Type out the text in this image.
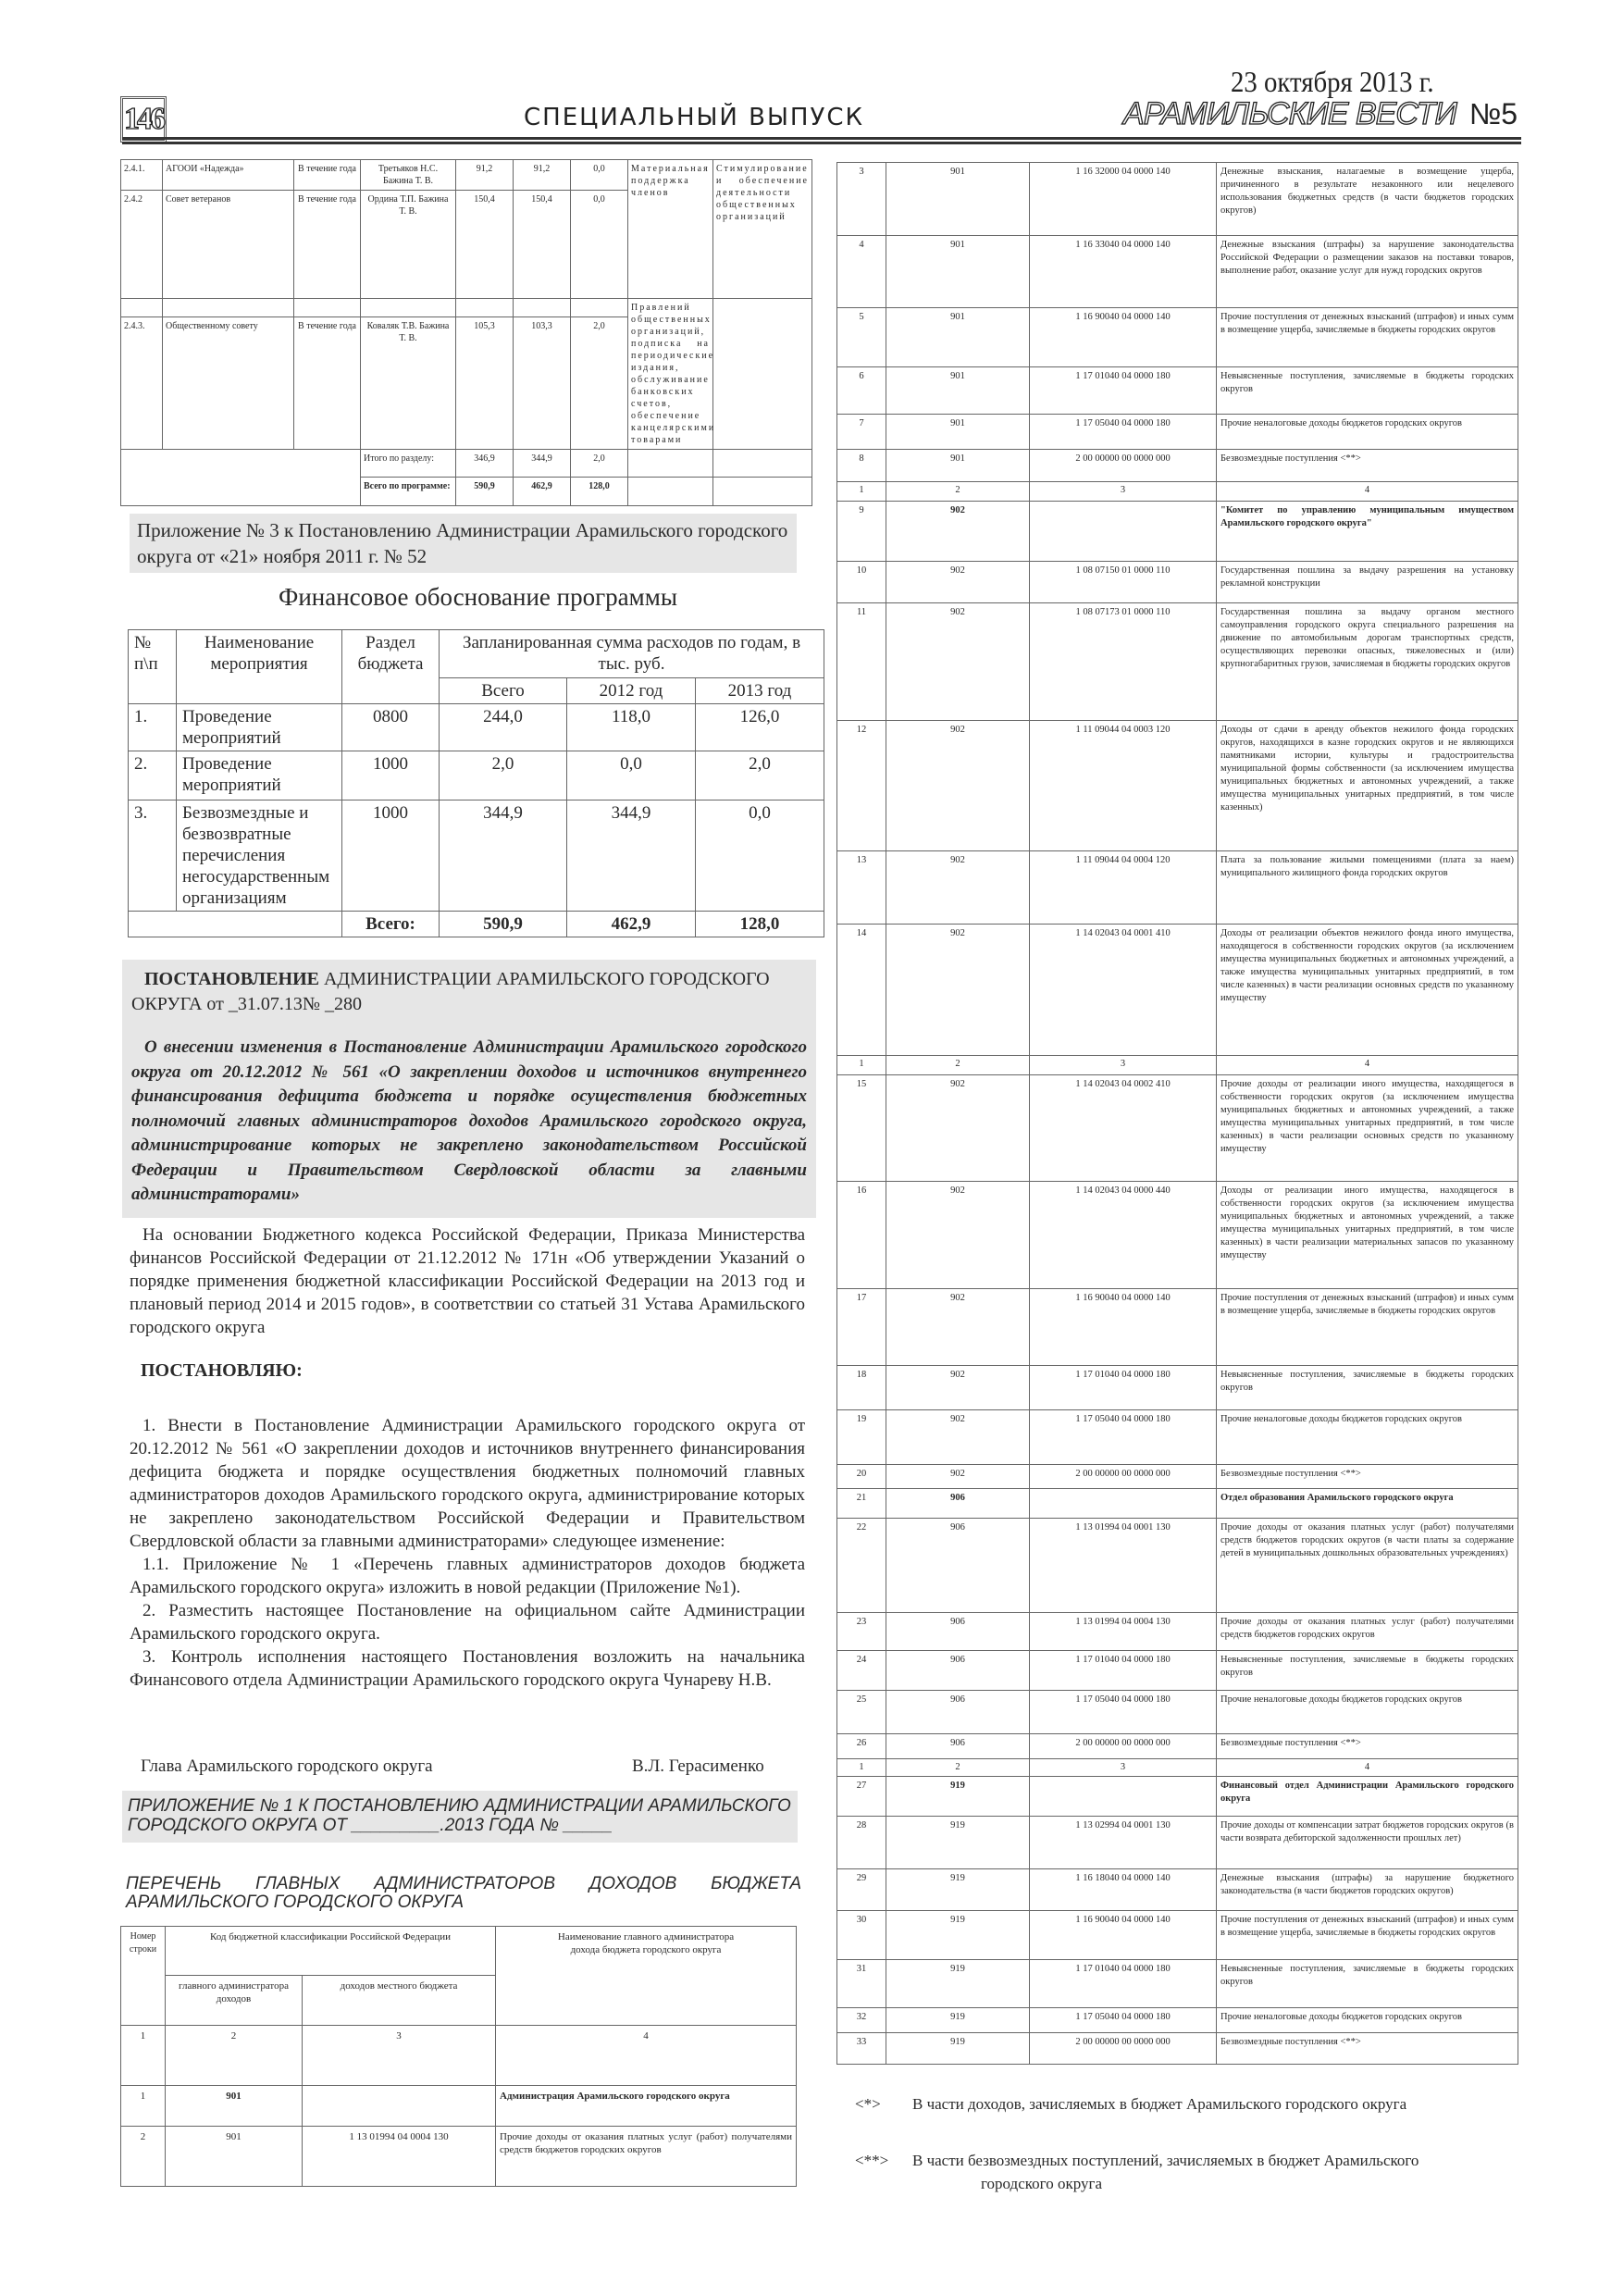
146	СПЕЦИАЛЬНЫЙ ВЫПУСК
23 октября 2013 г.
АРАМИЛЬСКИЕ ВЕСТИ №5
2.4.1.	АГООИ «Надежда»	В течение года	Третьяков Н.С. Бажина Т. В.	91,2	91,2	0,0	Материальная поддержка членов	Стимулирование и обеспечение деятельности общественных организаций
2.4.2	Совет ветеранов	В течение года	Ордина Т.П. Бажина Т. В.	150,4	150,4	0,0		
							Правлений общественных организаций, подписка на периодические издания, обслуживание банковских счетов, обеспечение канцелярскими товарами	
2.4.3.	Общественному совету	В течение года	Коваляк Т.В. Бажина Т. В.	105,3	103,3	2,0		
			Итого по разделу:	346,9	344,9	2,0		
			Всего по программе:	590,9	462,9	128,0		
Приложение № 3 к Постановлению Администрации Арамильского городского округа от «21» ноября 2011 г. № 52
Финансовое обоснование программы
№ п\п	Наименование мероприятия	Раздел бюджета	Запланированная сумма расходов по годам, в тыс. руб.		
			Всего	2012 год	2013 год
1.	Проведение мероприятий	0800	244,0	118,0	126,0
2.	Проведение мероприятий	1000	2,0	0,0	2,0
3.	Безвозмездные и безвозвратные перечисления негосударственным организациям	1000	344,9	344,9	0,0
		Всего:	590,9	462,9	128,0
ПОСТАНОВЛЕНИЕ АДМИНИСТРАЦИИ АРАМИЛЬСКОГО ГОРОДСКОГО ОКРУГА от _31.07.13№ _280
О внесении изменения в Постановление Администрации Арамильского городского округа от 20.12.2012 № 561 «О закреплении доходов и источников внутреннего финансирования дефицита бюджета и порядке осуществления бюджетных полномочий главных администраторов доходов Арамильского городского округа, администрирование которых не закреплено законодательством Российской Федерации и Правительством Свердловской области за главными администраторами»

На основании Бюджетного кодекса Российской Федерации, Приказа Министерства финансов Российской Федерации от 21.12.2012 № 171н «Об утверждении Указаний о порядке применения бюджетной классификации Российской Федерации на 2013 год и плановый период 2014 и 2015 годов», в соответствии со статьей 31 Устава Арамильского городского округа

ПОСТАНОВЛЯЮ:

1. Внести в Постановление Администрации Арамильского городского округа от 20.12.2012 № 561 «О закреплении доходов и источников внутреннего финансирования дефицита бюджета и порядке осуществления бюджетных полномочий главных администраторов доходов Арамильского городского округа, администрирование которых не закреплено законодательством Российской Федерации и Правительством Свердловской области за главными администраторами» следующее изменение:

1.1. Приложение № 1 «Перечень главных администраторов доходов бюджета Арамильского городского округа» изложить в новой редакции (Приложение №1).

2. Разместить настоящее Постановление на официальном сайте Администрации Арамильского городского округа.

3. Контроль исполнения настоящего Постановления возложить на начальника Финансового отдела Администрации Арамильского городского округа Чунареву Н.В.

Глава Арамильского городского округа	В.Л. Герасименко
ПРИЛОЖЕНИЕ № 1 К ПОСТАНОВЛЕНИЮ АДМИНИСТРАЦИИ АРАМИЛЬСКОГО ГОРОДСКОГО ОКРУГА ОТ _________.2013 ГОДА № _____
ПЕРЕЧЕНЬ ГЛАВНЫХ АДМИНИСТРАТОРОВ ДОХОДОВ БЮДЖЕТА АРАМИЛЬСКОГО ГОРОДСКОГО ОКРУГА
Номер строки	Код бюджетной классификации Российской Федерации		Наименование главного администратора дохода бюджета городского округа
	главного администратора доходов	доходов местного бюджета	
1	2	3	4
1	901		Администрация Арамильского городского округа
2	901	1 13 01994 04 0004 130	Прочие доходы от оказания платных услуг (работ) получателями средств бюджетов городских округов
3	901	1 16 32000 04 0000 140	Денежные взыскания, налагаемые в возмещение ущерба, причиненного в результате незаконного или нецелевого использования бюджетных средств (в части бюджетов городских округов)
4	901	1 16 33040 04 0000 140	Денежные взыскания (штрафы) за нарушение законодательства Российской Федерации о размещении заказов на поставки товаров, выполнение работ, оказание услуг для нужд городских округов
5	901	1 16 90040 04 0000 140	Прочие поступления от денежных взысканий (штрафов) и иных сумм в возмещение ущерба, зачисляемые в бюджеты городских округов
6	901	1 17 01040 04 0000 180	Невыясненные поступления, зачисляемые в бюджеты городских округов
7	901	1 17 05040 04 0000 180	Прочие неналоговые доходы бюджетов городских округов
8	901	2 00 00000 00 0000 000	Безвозмездные поступления <**>
1	2	3	4
9	902		"Комитет по управлению муниципальным имуществом Арамильского городского округа"
10	902	1 08 07150 01 0000 110	Государственная пошлина за выдачу разрешения на установку рекламной конструкции
11	902	1 08 07173 01 0000 110	Государственная пошлина за выдачу органом местного самоуправления городского округа специального разрешения на движение по автомобильным дорогам транспортных средств, осуществляющих перевозки опасных, тяжеловесных и (или) крупногабаритных грузов, зачисляемая в бюджеты городских округов
12	902	1 11 09044 04 0003 120	Доходы от сдачи в аренду объектов нежилого фонда городских округов, находящихся в казне городских округов и не являющихся памятниками истории, культуры и градостроительства муниципальной формы собственности (за исключением имущества муниципальных бюджетных и автономных учреждений, а также имущества муниципальных унитарных предприятий, в том числе казенных)
13	902	1 11 09044 04 0004 120	Плата за пользование жилыми помещениями (плата за наем) муниципального жилищного фонда городских округов
14	902	1 14 02043 04 0001 410	Доходы от реализации объектов нежилого фонда иного имущества, находящегося в собственности городских округов (за исключением имущества муниципальных бюджетных и автономных учреждений, а также имущества муниципальных унитарных предприятий, в том числе казенных) в части реализации основных средств по указанному имуществу
1	2	3	4
15	902	1 14 02043 04 0002 410	Прочие доходы от реализации иного имущества, находящегося в собственности городских округов (за исключением имущества муниципальных бюджетных и автономных учреждений, а также имущества муниципальных унитарных предприятий, в том числе казенных) в части реализации основных средств по указанному имуществу
16	902	1 14 02043 04 0000 440	Доходы от реализации иного имущества, находящегося в собственности городских округов (за исключением имущества муниципальных бюджетных и автономных учреждений, а также имущества муниципальных унитарных предприятий, в том числе казенных) в части реализации материальных запасов по указанному имуществу
17	902	1 16 90040 04 0000 140	Прочие поступления от денежных взысканий (штрафов) и иных сумм в возмещение ущерба, зачисляемые в бюджеты городских округов
18	902	1 17 01040 04 0000 180	Невыясненные поступления, зачисляемые в бюджеты городских округов
19	902	1 17 05040 04 0000 180	Прочие неналоговые доходы бюджетов городских округов
20	902	2 00 00000 00 0000 000	Безвозмездные поступления <**>
21	906		Отдел образования Арамильского городского округа
22	906	1 13 01994 04 0001 130	Прочие доходы от оказания платных услуг (работ) получателями средств бюджетов городских округов (в части платы за содержание детей в муниципальных дошкольных образовательных учреждениях)
23	906	1 13 01994 04 0004 130	Прочие доходы от оказания платных услуг (работ) получателями средств бюджетов городских округов
24	906	1 17 01040 04 0000 180	Невыясненные поступления, зачисляемые в бюджеты городских округов
25	906	1 17 05040 04 0000 180	Прочие неналоговые доходы бюджетов городских округов
26	906	2 00 00000 00 0000 000	Безвозмездные поступления <**>
1	2	3	4
27	919		Финансовый отдел Администрации Арамильского городского округа
28	919	1 13 02994 04 0001 130	Прочие доходы от компенсации затрат бюджетов городских округов (в части возврата дебиторской задолженности прошлых лет)
29	919	1 16 18040 04 0000 140	Денежные взыскания (штрафы) за нарушение бюджетного законодательства (в части бюджетов городских округов)
30	919	1 16 90040 04 0000 140	Прочие поступления от денежных взысканий (штрафов) и иных сумм в возмещение ущерба, зачисляемые в бюджеты городских округов
31	919	1 17 01040 04 0000 180	Невыясненные поступления, зачисляемые в бюджеты городских округов
32	919	1 17 05040 04 0000 180	Прочие неналоговые доходы бюджетов городских округов
33	919	2 00 00000 00 0000 000	Безвозмездные поступления <**>
<*> В части доходов, зачисляемых в бюджет Арамильского городского округа
<**> В части безвозмездных поступлений, зачисляемых в бюджет Арамильского
городского округа
